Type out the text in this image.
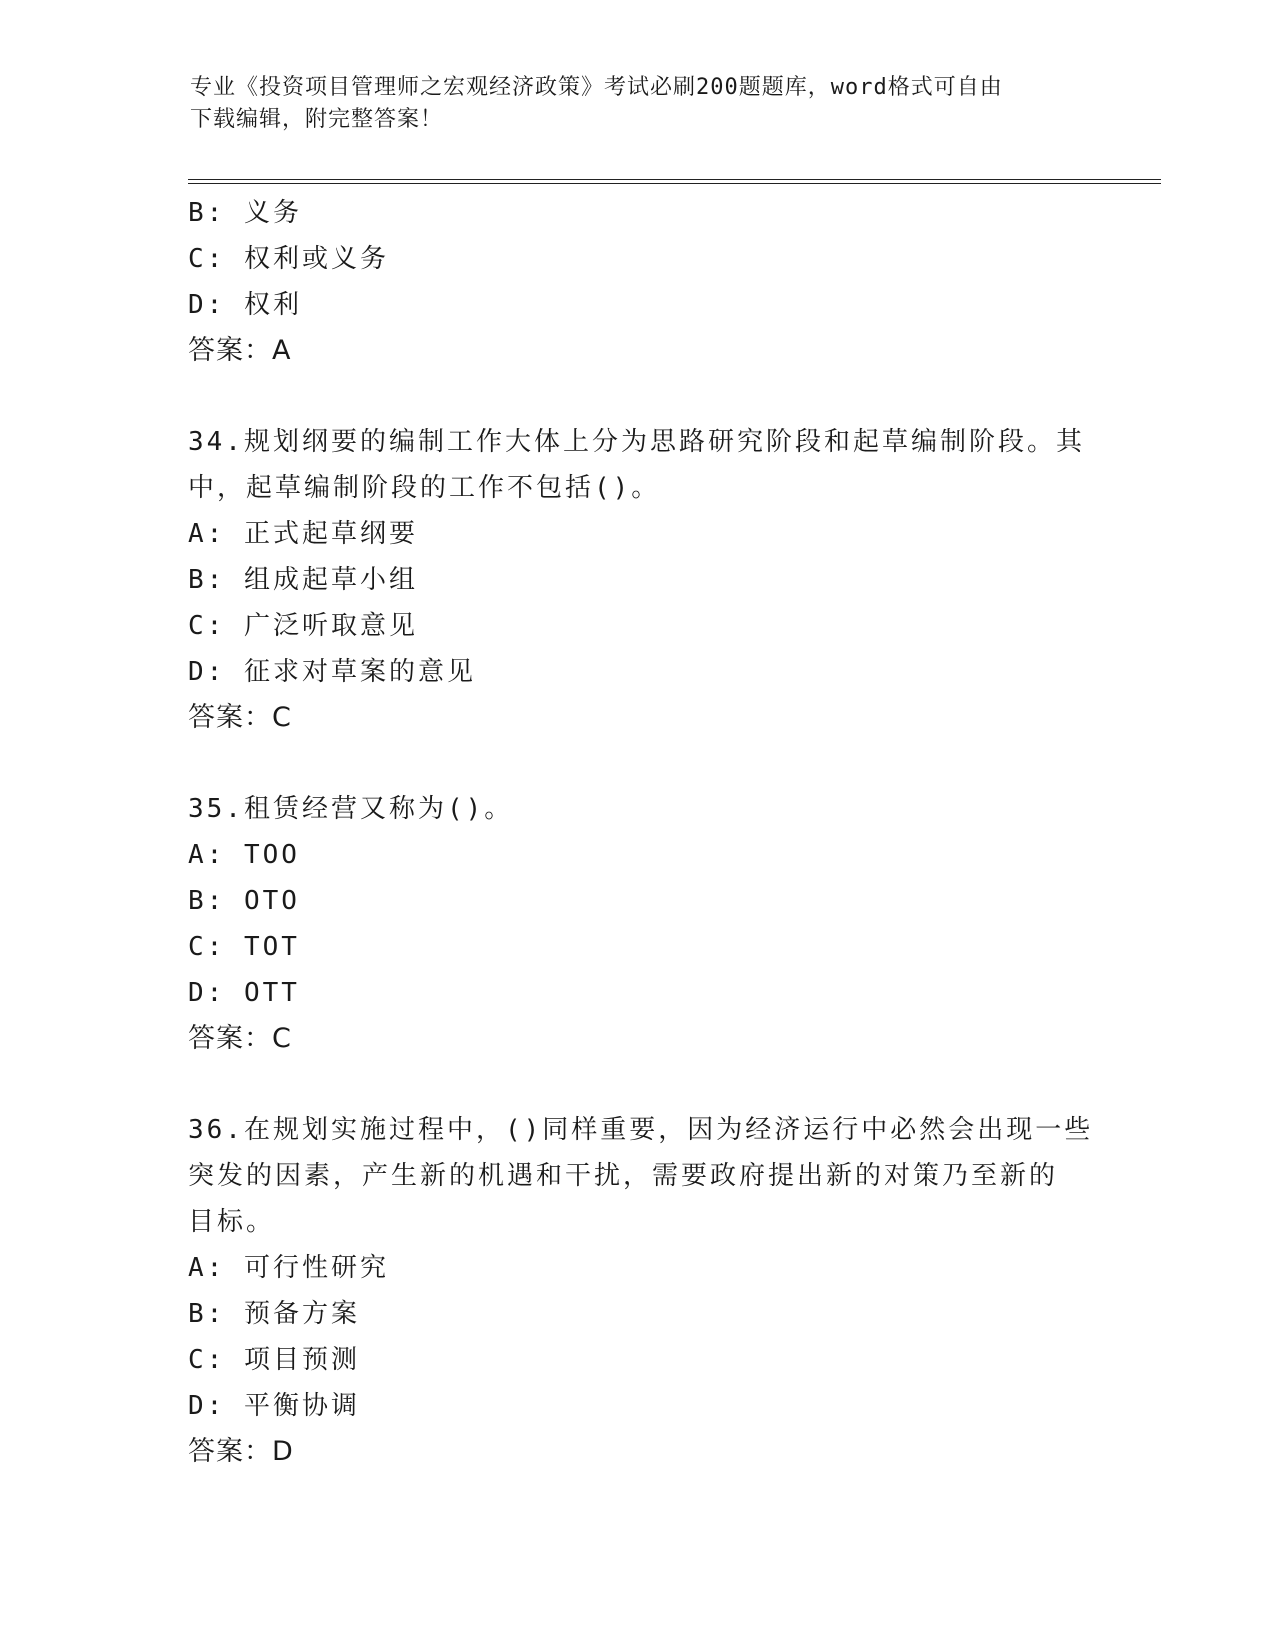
专业《投资项目管理师之宏观经济政策》考试必刷200题题库，word格式可自由
下载编辑，附完整答案！
B: 义务
C: 权利或义务
D: 权利
答案：A
34.规划纲要的编制工作大体上分为思路研究阶段和起草编制阶段。其
中，起草编制阶段的工作不包括()。
A: 正式起草纲要
B: 组成起草小组
C: 广泛听取意见
D: 征求对草案的意见
答案：C
35.租赁经营又称为()。
A: TOO
B: OTO
C: TOT
D: OTT
答案：C
36.在规划实施过程中，()同样重要，因为经济运行中必然会出现一些
突发的因素，产生新的机遇和干扰，需要政府提出新的对策乃至新的
目标。
A: 可行性研究
B: 预备方案
C: 项目预测
D: 平衡协调
答案：D
